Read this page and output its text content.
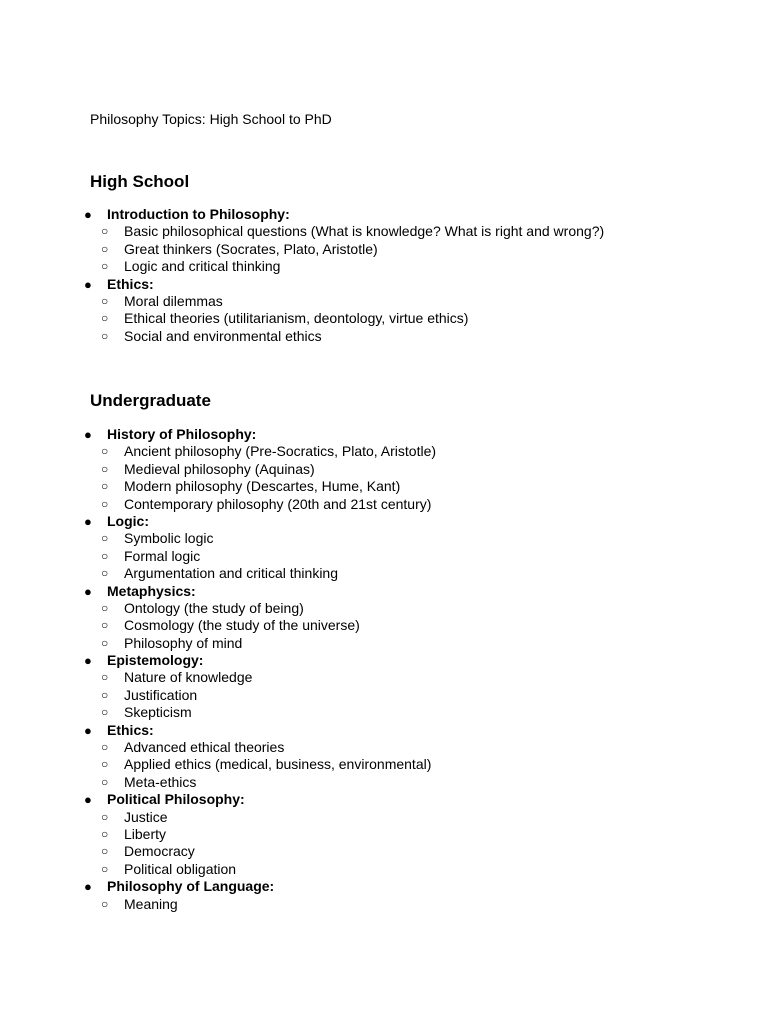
Philosophy Topics: High School to PhD
High School
● Introduction to Philosophy:
○ Basic philosophical questions (What is knowledge? What is right and wrong?)
○ Great thinkers (Socrates, Plato, Aristotle)
○ Logic and critical thinking
● Ethics:
○ Moral dilemmas
○ Ethical theories (utilitarianism, deontology, virtue ethics)
○ Social and environmental ethics
Undergraduate
● History of Philosophy:
○ Ancient philosophy (Pre-Socratics, Plato, Aristotle)
○ Medieval philosophy (Aquinas)
○ Modern philosophy (Descartes, Hume, Kant)
○ Contemporary philosophy (20th and 21st century)
● Logic:
○ Symbolic logic
○ Formal logic
○ Argumentation and critical thinking
● Metaphysics:
○ Ontology (the study of being)
○ Cosmology (the study of the universe)
○ Philosophy of mind
● Epistemology:
○ Nature of knowledge
○ Justification
○ Skepticism
● Ethics:
○ Advanced ethical theories
○ Applied ethics (medical, business, environmental)
○ Meta-ethics
● Political Philosophy:
○ Justice
○ Liberty
○ Democracy
○ Political obligation
● Philosophy of Language:
○ Meaning
